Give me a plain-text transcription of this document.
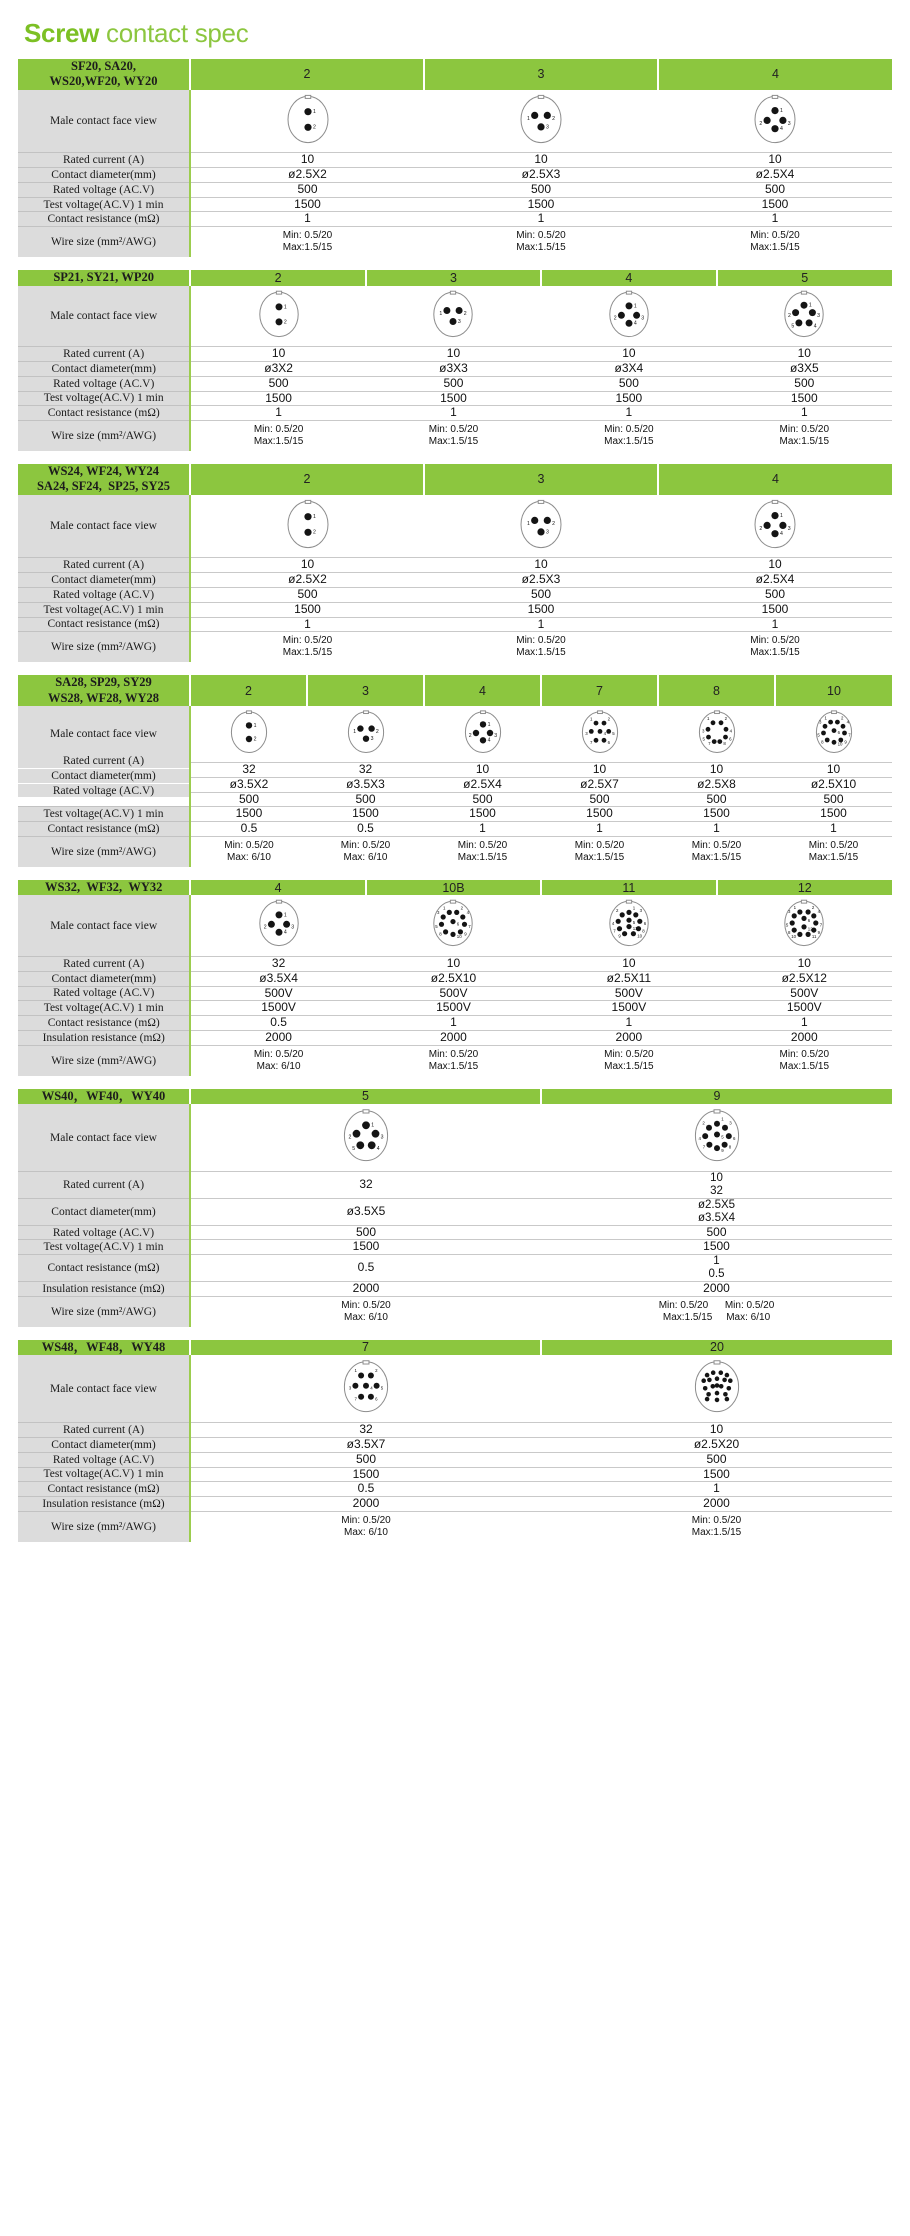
Screw contact spec
SF20, SA20,
WS20,WF20, WY20	2	3	4
Male contact face view	1
2	1 2
3	1
2 3
4

Rated current (A)	10	10	10

Contact diameter(mm)	ø2.5X2	ø2.5X3	ø2.5X4

Rated voltage (AC.V)	500	500	500

Test voltage(AC.V) 1 min	1500	1500	1500

Contact resistance (mΩ)	1	1	1

Wire size (mm²/AWG)	Min: 0.5/20
Max:1.5/15	Min: 0.5/20
Max:1.5/15	Min: 0.5/20
Max:1.5/15
SP21, SY21, WP20	2	3	4	5
Male contact face view	1
2	1 2
3	1
2 3
4	1
2 3
4
5

Rated current (A)	10	10	10	10

Contact diameter(mm)	ø3X2	ø3X3	ø3X4	ø3X5

Rated voltage (AC.V)	500	500	500	500

Test voltage(AC.V) 1 min	1500	1500	1500	1500

Contact resistance (mΩ)	1	1	1	1

Wire size (mm²/AWG)	Min: 0.5/20
Max:1.5/15	Min: 0.5/20
Max:1.5/15	Min: 0.5/20
Max:1.5/15	Min: 0.5/20
Max:1.5/15
WS24, WF24, WY24
SA24, SF24,  SP25, SY25	2	3	4
Male contact face view	1
2	1 2
3	1
2 3
4

Rated current (A)	10	10	10

Contact diameter(mm)	ø2.5X2	ø2.5X3	ø2.5X4

Rated voltage (AC.V)	500	500	500

Test voltage(AC.V) 1 min	1500	1500	1500

Contact resistance (mΩ)	1	1	1

Wire size (mm²/AWG)	Min: 0.5/20
Max:1.5/15	Min: 0.5/20
Max:1.5/15	Min: 0.5/20
Max:1.5/15
SA28, SP29, SY29
WS28, WF28, WY28	2	3	4	7	8	10
Male contact face view	
1
2

1	2
3

1
2	3
4

1	2
3	4 5
6
7

1	2
3	4
5	6
7	8

1	2
3	4
5	6 7
8	9
10

Rated current (A)	32	32	10	10	10	10

Contact diameter(mm)	ø3.5X2	ø3.5X3	ø2.5X4	ø2.5X7	ø2.5X8	ø2.5X10

Rated voltage (AC.V)	500	500	500	500	500	500

Test voltage(AC.V) 1 min	1500	1500	1500	1500	1500	1500

Contact resistance (mΩ)	0.5	0.5	1	1	1	1

Wire size (mm²/AWG)	Min: 0.5/20
Max: 6/10	Min: 0.5/20
Max: 6/10	Min: 0.5/20
Max:1.5/15	Min: 0.5/20
Max:1.5/15	Min: 0.5/20
Max:1.5/15	Min: 0.5/20
Max:1.5/15
WS32,  WF32,  WY32	4	10B	11	12
Male contact face view	
1
2	3
4

1	2
3	4
5
6
7
8	9
10

1
2	3
4	5 6
7	8
9	10
11

1	2
3	4
5
6
7
8	9
10	11
12

Rated current (A)	32	10	10	10

Contact diameter(mm)	ø3.5X4	ø2.5X10	ø2.5X11	ø2.5X12

Rated voltage (AC.V)	500V	500V	500V	500V

Test voltage(AC.V) 1 min	1500V	1500V	1500V	1500V

Contact resistance (mΩ)	0.5	1	1	1

Insulation resistance (mΩ)	2000	2000	2000	2000

Wire size (mm²/AWG)	Min: 0.5/20
Max: 6/10	Min: 0.5/20
Max:1.5/15	Min: 0.5/20
Max:1.5/15	Min: 0.5/20
Max:1.5/15
WS40，WF40，WY40	5	9
Male contact face view	
1
2	3
4
5

1
2	3
4	5 6
7	8
9

Rated current (A)	32	10
32

Contact diameter(mm)	ø3.5X5	ø2.5X5
ø3.5X4

Rated voltage (AC.V)	500	500

Test voltage(AC.V) 1 min	1500	1500

Contact resistance (mΩ)	0.5	1
0.5

Insulation resistance (mΩ)	2000	2000

Wire size (mm²/AWG)	Min: 0.5/20
Max: 6/10	Min: 0.5/20      Min: 0.5/20
Max:1.5/15     Max: 6/10
WS48，WF48，WY48	7	20
Male contact face view	
1	2
3	4 5
6
7

Rated current (A)	32	10

Contact diameter(mm)	ø3.5X7	ø2.5X20

Rated voltage (AC.V)	500	500

Test voltage(AC.V) 1 min	1500	1500

Contact resistance (mΩ)	0.5	1

Insulation resistance (mΩ)	2000	2000

Wire size (mm²/AWG)	Min: 0.5/20
Max: 6/10	Min: 0.5/20
Max:1.5/15
